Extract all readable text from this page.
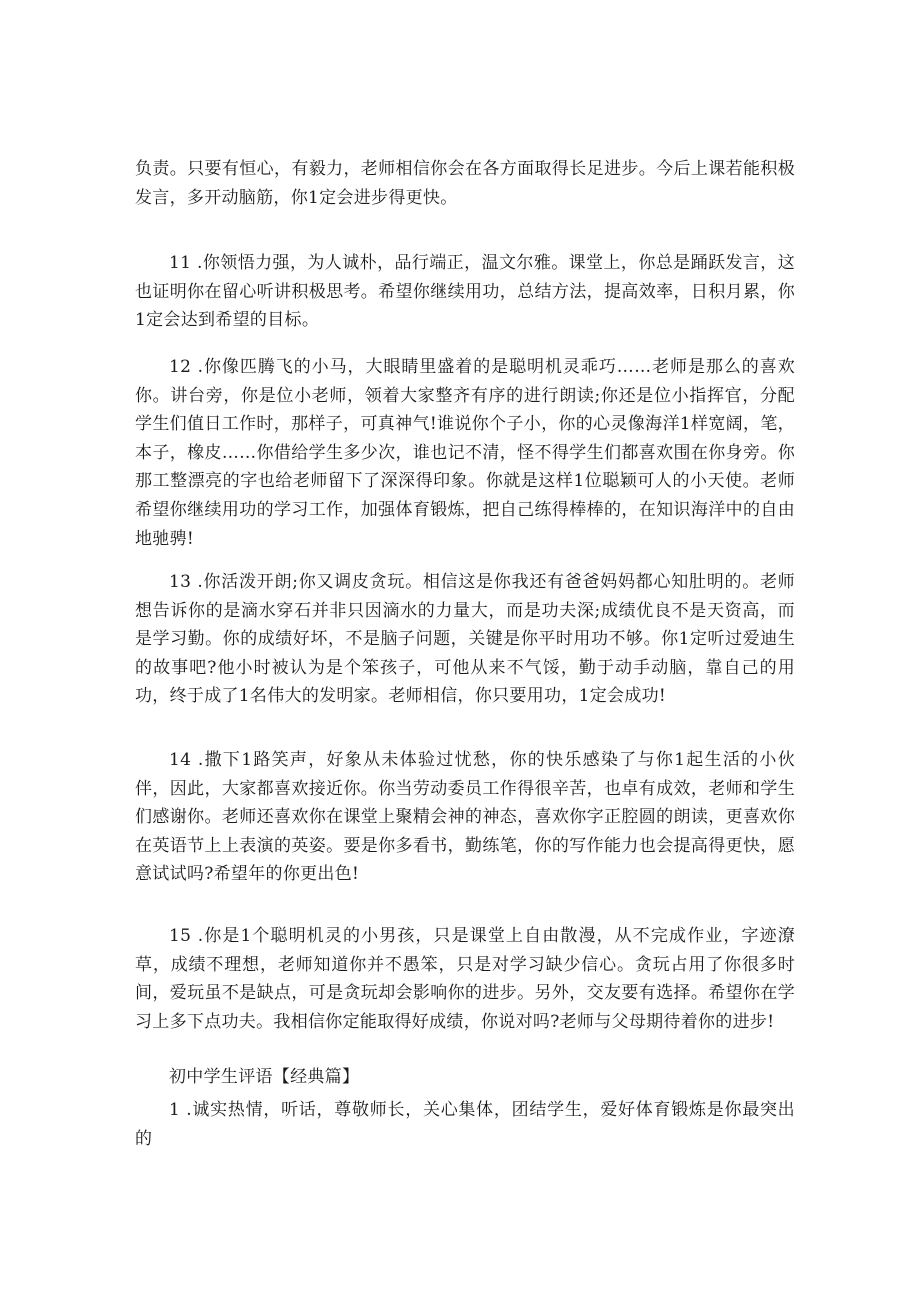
负责。只要有恒心，有毅力，老师相信你会在各方面取得长足进步。今后上课若能积极发言，多开动脑筋，你1定会进步得更快。

11 .你领悟力强，为人诚朴，品行端正，温文尔雅。课堂上，你总是踊跃发言，这也证明你在留心听讲积极思考。希望你继续用功，总结方法，提高效率，日积月累，你1定会达到希望的目标。

12 .你像匹腾飞的小马，大眼睛里盛着的是聪明机灵乖巧……老师是那么的喜欢你。讲台旁，你是位小老师，领着大家整齐有序的进行朗读;你还是位小指挥官，分配学生们值日工作时，那样子，可真神气!谁说你个子小，你的心灵像海洋1样宽阔，笔，本子，橡皮……你借给学生多少次，谁也记不清，怪不得学生们都喜欢围在你身旁。你那工整漂亮的字也给老师留下了深深得印象。你就是这样1位聪颖可人的小天使。老师希望你继续用功的学习工作，加强体育锻炼，把自己练得棒棒的，在知识海洋中的自由地驰骋!

13 .你活泼开朗;你又调皮贪玩。相信这是你我还有爸爸妈妈都心知肚明的。老师想告诉你的是滴水穿石并非只因滴水的力量大，而是功夫深;成绩优良不是天资高，而是学习勤。你的成绩好坏，不是脑子问题，关键是你平时用功不够。你1定听过爱迪生的故事吧?他小时被认为是个笨孩子，可他从来不气馁，勤于动手动脑，靠自己的用功，终于成了1名伟大的发明家。老师相信，你只要用功，1定会成功!

14 .撒下1路笑声，好象从未体验过忧愁，你的快乐感染了与你1起生活的小伙伴，因此，大家都喜欢接近你。你当劳动委员工作得很辛苦，也卓有成效，老师和学生们感谢你。老师还喜欢你在课堂上聚精会神的神态，喜欢你字正腔圆的朗读，更喜欢你在英语节上上表演的英姿。要是你多看书，勤练笔，你的写作能力也会提高得更快，愿意试试吗?希望年的你更出色!

15 .你是1个聪明机灵的小男孩，只是课堂上自由散漫，从不完成作业，字迹潦草，成绩不理想，老师知道你并不愚笨，只是对学习缺少信心。贪玩占用了你很多时间，爱玩虽不是缺点，可是贪玩却会影响你的进步。另外，交友要有选择。希望你在学习上多下点功夫。我相信你定能取得好成绩，你说对吗?老师与父母期待着你的进步!

初中学生评语【经典篇】

1 .诚实热情，听话，尊敬师长，关心集体，团结学生，爱好体育锻炼是你最突出的
